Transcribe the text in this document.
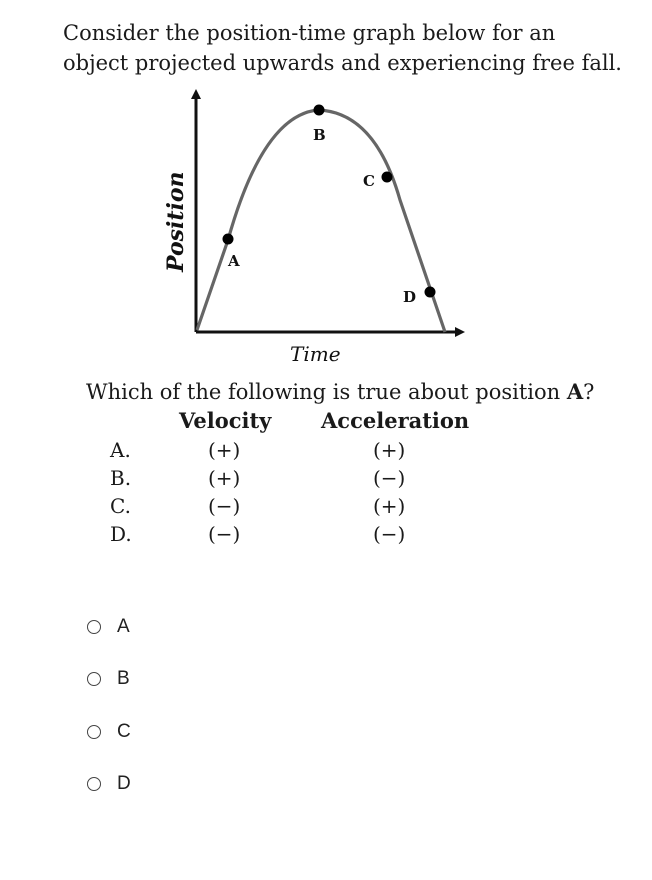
Consider the position-time graph below for an
object projected upwards and experiencing free fall.
A
B
C
D
Position
Time
Which of the following is true about position A?
Velocity Acceleration
A.	(+)	(+)
B.	(+)	(−)
C.	(−)	(+)
D.	(−)	(−)
A
B
C
D
